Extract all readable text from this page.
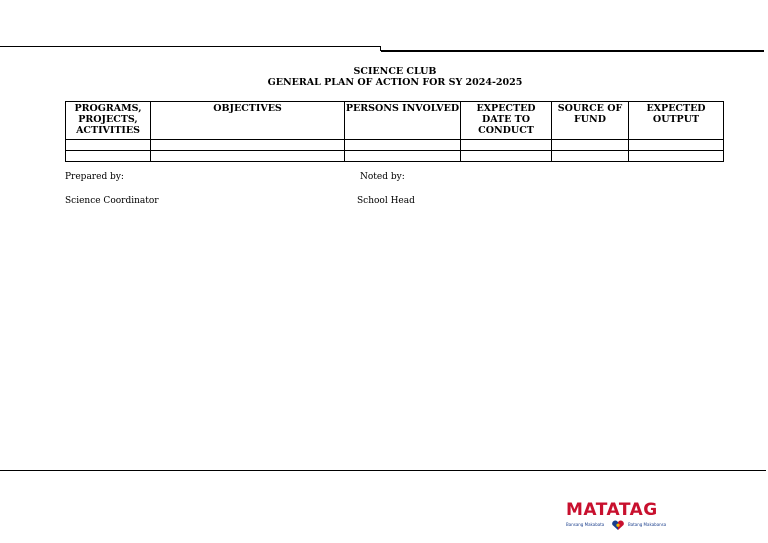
SCIENCE CLUB
GENERAL PLAN OF ACTION FOR SY 2024-2025
PROGRAMS, PROJECTS, ACTIVITIES	OBJECTIVES	PERSONS INVOLVED	EXPECTED DATE TO CONDUCT	SOURCE OF FUND	EXPECTED OUTPUT

Prepared by:	Noted by:
Science Coordinator	School Head
MATATAG
Bansang Makabata	Batang Makabansa
